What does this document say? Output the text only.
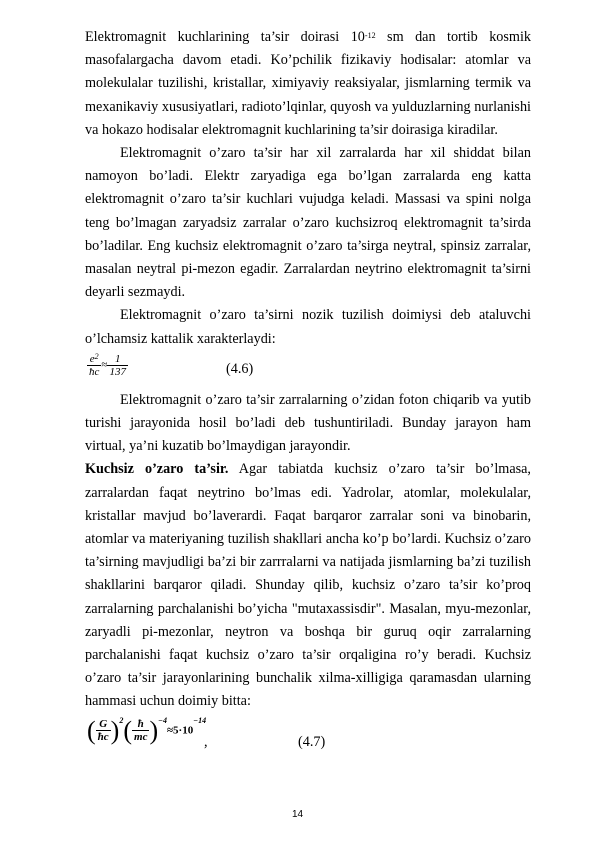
Elektromagnit kuchlarining ta’sir doirasi $10^{-12}$ sm dan tortib kosmik masofalargacha davom etadi. Ko’pchilik fizikaviy hodisalar: atomlar va molekulalar tuzilishi, kristallar, ximiyaviy reaksiyalar, jismlarning termik va mexanikaviy xususiyatlari, radioto’lqinlar, quyosh va yulduzlarning nurlanishi va hokazo hodisalar elektromagnit kuchlarining ta’sir doirasiga kiradilar.

Elektromagnit o’zaro ta’sir har xil zarralarda har xil shiddat bilan namoyon bo’ladi. Elektr zaryadiga ega bo’lgan zarralarda eng katta elektromagnit o’zaro ta’sir kuchlari vujudga keladi. Massasi va spini nolga teng bo’lmagan zaryadsiz zarralar o’zaro kuchsizroq elektromagnit ta’sirda bo’ladilar. Eng kuchsiz elektromagnit o’zaro ta’sirga neytral, spinsiz zarralar, masalan neytral pi-mezon egadir. Zarralardan neytrino elektromagnit ta’sirni deyarli sezmaydi.

Elektromagnit o’zaro ta’sirni nozik tuzilish doimiysi deb ataluvchi o’lchamsiz kattalik xarakterlaydi:

$\frac{e^2}{ħc} \approx \frac{1}{137}$	(4.6)

Elektromagnit o’zaro ta’sir zarralarning o’zidan foton chiqarib va yutib turishi jarayonida hosil bo’ladi deb tushuntiriladi. Bunday jarayon ham virtual, ya’ni kuzatib bo’lmaydigan jarayondir.

Kuchsiz o’zaro ta’sir. Agar tabiatda kuchsiz o’zaro ta’sir bo’lmasa, zarralardan faqat neytrino bo’lmas edi. Yadrolar, atomlar, molekulalar, kristallar mavjud bo’laverardi. Faqat barqaror zarralar soni va binobarin, atomlar va materiyaning tuzilish shakllari ancha ko’p bo’lardi. Kuchsiz o’zaro ta’sirning mavjudligi ba’zi bir zarrralarni va natijada jismlarning ba’zi tuzilish shakllarini barqaror qiladi. Shunday qilib, kuchsiz o’zaro ta’sir ko’proq zarralarning parchalanishi bo’yicha "mutaxassisdir". Masalan, myu-mezonlar, zaryadli pi-mezonlar, neytron va boshqa bir guruq oqir zarralarning parchalanishi faqat kuchsiz o’zaro ta’sir orqaligina ro’y beradi. Kuchsiz o’zaro ta’sir jarayonlarining bunchalik xilma-xilligiga qaramasdan ularning hammasi uchun doimiy bitta:

( $\frac{G}{ħc} )^2( \frac{ħ}{mc} )^{-4}\approx 5\cdot 10^{-14}$
,	(4.7)
14
